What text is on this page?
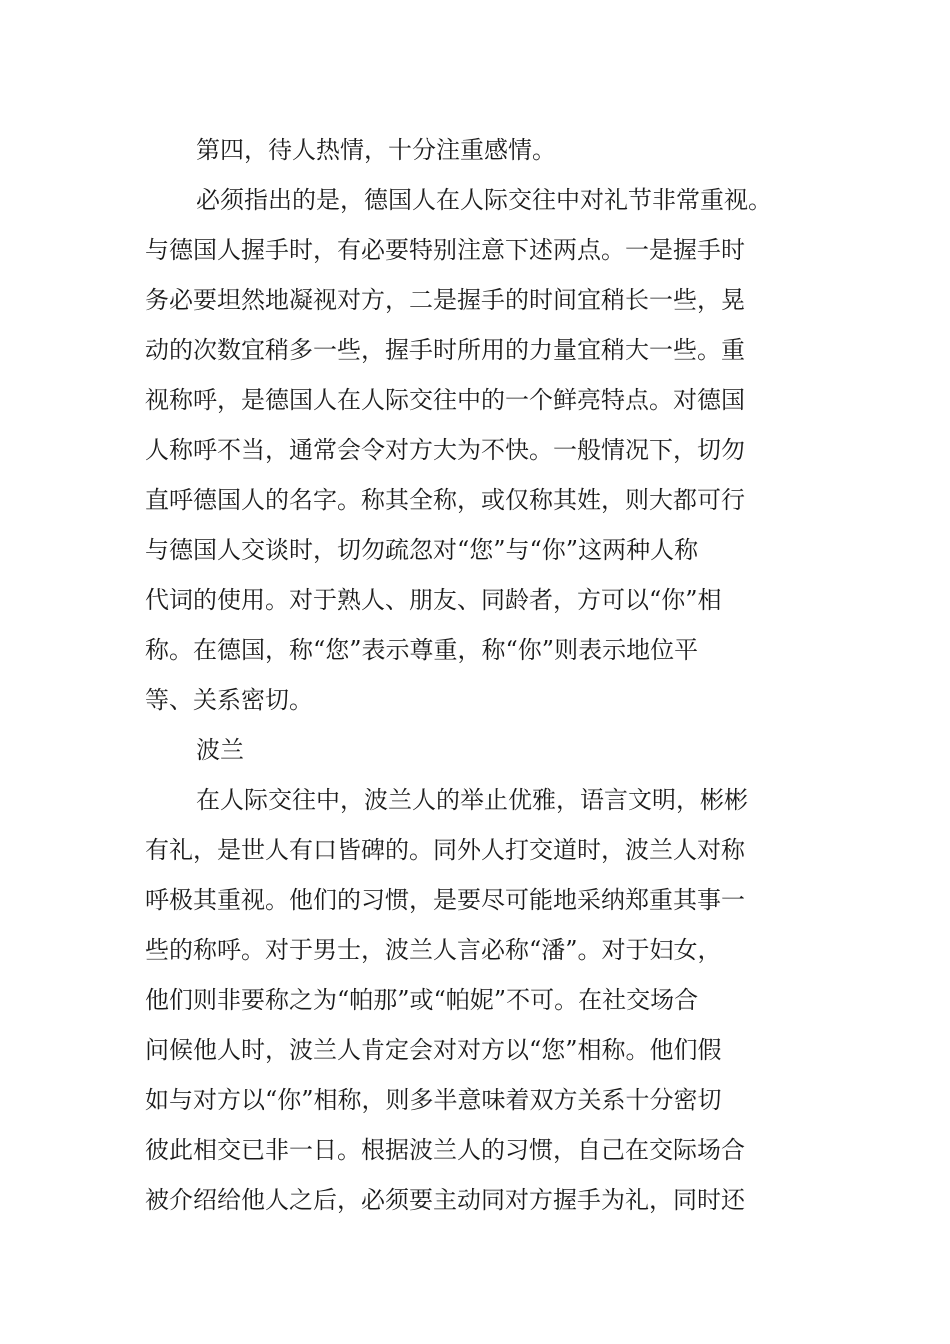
第四，待人热情，十分注重感情。
必须指出的是，德国人在人际交往中对礼节非常重视。
与德国人握手时，有必要特别注意下述两点。一是握手时
务必要坦然地凝视对方，二是握手的时间宜稍长一些，晃
动的次数宜稍多一些，握手时所用的力量宜稍大一些。重
视称呼，是德国人在人际交往中的一个鲜亮特点。对德国
人称呼不当，通常会令对方大为不快。一般情况下，切勿
直呼德国人的名字。称其全称，或仅称其姓，则大都可行
与德国人交谈时，切勿疏忽对“您”与“你”这两种人称
代词的使用。对于熟人、朋友、同龄者，方可以“你”相
称。在德国，称“您”表示尊重，称“你”则表示地位平
等、关系密切。
波兰
在人际交往中，波兰人的举止优雅，语言文明，彬彬
有礼，是世人有口皆碑的。同外人打交道时，波兰人对称
呼极其重视。他们的习惯，是要尽可能地采纳郑重其事一
些的称呼。对于男士，波兰人言必称“潘”。对于妇女，
他们则非要称之为“帕那”或“帕妮”不可。在社交场合
问候他人时，波兰人肯定会对对方以“您”相称。他们假
如与对方以“你”相称，则多半意味着双方关系十分密切
彼此相交已非一日。根据波兰人的习惯，自己在交际场合
被介绍给他人之后，必须要主动同对方握手为礼，同时还
